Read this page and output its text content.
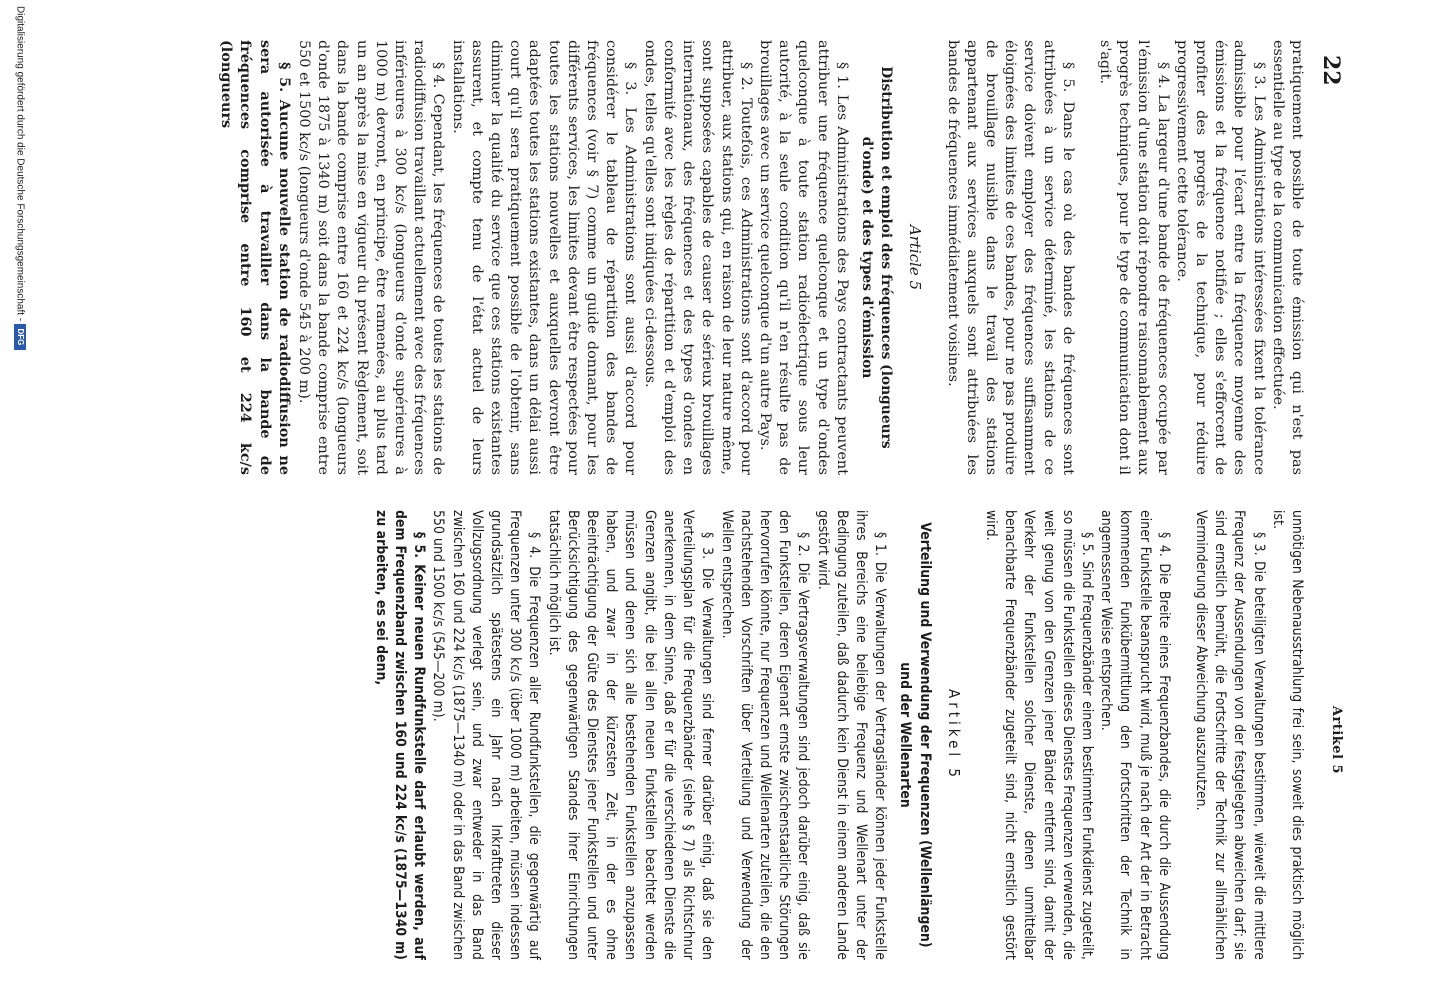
22
Artikel 5

pratiquement possible de toute émission qui n'est pas essentielle au type de la communication effectuée.

§ 3. Les Administrations intéressées fixent la tolérance admissible pour l'écart entre la fréquence moyenne des émissions et la fréquence notifiée ; elles s'efforcent de profiter des progrès de la technique, pour réduire progressivement cette tolérance.

§ 4. La largeur d'une bande de fréquences occupée par l'émission d'une station doit répondre raisonnablement aux progrès techniques, pour le type de communication dont il s'agit.

§ 5. Dans le cas où des bandes de fréquences sont attribuées à un service déterminé, les stations de ce service doivent employer des fréquences suffisamment éloignées des limites de ces bandes, pour ne pas produire de brouillage nuisible dans le travail des stations appartenant aux services auxquels sont attribuées les bandes de fréquences immédiatement voisines.

Article 5
Distribution et emploi des fréquences (longueurs d'onde) et des types d'émission

§ 1. Les Administrations des Pays contractants peuvent attribuer une fréquence quelconque et un type d'ondes quelconque à toute station radioélectrique sous leur autorité, à la seule condition qu'il n'en résulte pas de brouillages avec un service quelconque d'un autre Pays.

§ 2. Toutefois, ces Administrations sont d'accord pour attribuer, aux stations qui, en raison de leur nature même, sont supposées capables de causer de sérieux brouillages internationaux, des fréquences et des types d'ondes en conformité avec les règles de répartition et d'emploi des ondes, telles qu'elles sont indiquées ci-dessous.

§ 3. Les Administrations sont aussi d'accord pour considérer le tableau de répartition des bandes de fréquences (voir § 7) comme un guide donnant, pour les différents services, les limites devant être respectées pour toutes les stations nouvelles et auxquelles devront être adaptées toutes les stations existantes, dans un délai aussi court qu'il sera pratiquement possible de l'obtenir, sans diminuer la qualité du service que ces stations existantes assurent, et compte tenu de l'état actuel de leurs installations.

§ 4. Cependant, les fréquences de toutes les stations de radiodiffusion travaillant actuellement avec des fréquences inférieures à 300 kc/s (longueurs d'onde supérieures à 1000 m) devront, en principe, être ramenées, au plus tard un an après la mise en vigueur du présent Règlement, soit dans la bande comprise entre 160 et 224 kc/s (longueurs d'onde 1875 à 1340 m) soit dans la bande comprise entre 550 et 1500 kc/s (longueurs d'onde 545 à 200 m).

§ 5. Aucune nouvelle station de radiodiffusion ne sera autorisée à travailler dans la bande de fréquences comprise entre 160 et 224 kc/s (longueurs

unnötigen Nebenausstrahlung frei sein, soweit dies praktisch möglich ist.

§ 3. Die beteiligten Verwaltungen bestimmen, wieweit die mittlere Frequenz der Aussendungen von der festgelegten abweichen darf; sie sind ernstlich bemüht, die Fortschritte der Technik zur allmählichen Verminderung dieser Abweichung auszunutzen.

§ 4. Die Breite eines Frequenzbandes, die durch die Aussendung einer Funkstelle beansprucht wird, muß je nach der Art der in Betracht kommenden Funkübermittlung den Fortschritten der Technik in angemessener Weise entsprechen.

§ 5. Sind Frequenzbänder einem bestimmten Funkdienst zugeteilt, so müssen die Funkstellen dieses Dienstes Frequenzen verwenden, die weit genug von den Grenzen jener Bänder entfernt sind, damit der Verkehr der Funkstellen solcher Dienste, denen unmittelbar benachbarte Frequenzbänder zugeteilt sind, nicht ernstlich gestört wird.

Artikel 5
Verteilung und Verwendung der Frequenzen (Wellenlängen) und der Wellenarten

§ 1. Die Verwaltungen der Vertragsländer können jeder Funkstelle ihres Bereichs eine beliebige Frequenz und Wellenart unter der Bedingung zuteilen, daß dadurch kein Dienst in einem anderen Lande gestört wird.

§ 2. Die Vertragsverwaltungen sind jedoch darüber einig, daß sie den Funkstellen, deren Eigenart ernste zwischenstaatliche Störungen hervorrufen könnte, nur Frequenzen und Wellenarten zuteilen, die den nachstehenden Vorschriften über Verteilung und Verwendung der Wellen entsprechen.

§ 3. Die Verwaltungen sind ferner darüber einig, daß sie den Verteilungsplan für die Frequenzbänder (siehe § 7) als Richtschnur anerkennen, in dem Sinne, daß er für die verschiedenen Dienste die Grenzen angibt, die bei allen neuen Funkstellen beachtet werden müssen und denen sich alle bestehenden Funkstellen anzupassen haben, und zwar in der kürzesten Zeit, in der es ohne Beeinträchtigung der Güte des Dienstes jener Funkstellen und unter Berücksichtigung des gegenwärtigen Standes ihrer Einrichtungen tatsächlich möglich ist.

§ 4. Die Frequenzen aller Rundfunkstellen, die gegenwärtig auf Frequenzen unter 300 kc/s (über 1000 m) arbeiten, müssen indessen grundsätzlich spätestens ein Jahr nach Inkrafttreten dieser Vollzugsordnung verlegt sein, und zwar entweder in das Band zwischen 160 und 224 kc/s (1875—1340 m) oder in das Band zwischen 550 und 1500 kc/s (545—200 m).

§ 5. Keiner neuen Rundfunkstelle darf erlaubt werden, auf dem Frequenzband zwischen 160 und 224 kc/s (1875—1340 m) zu arbeiten, es sei denn,

Digitalisierung gefördert durch die Deutsche Forschungsgemeinschaft - DFG
